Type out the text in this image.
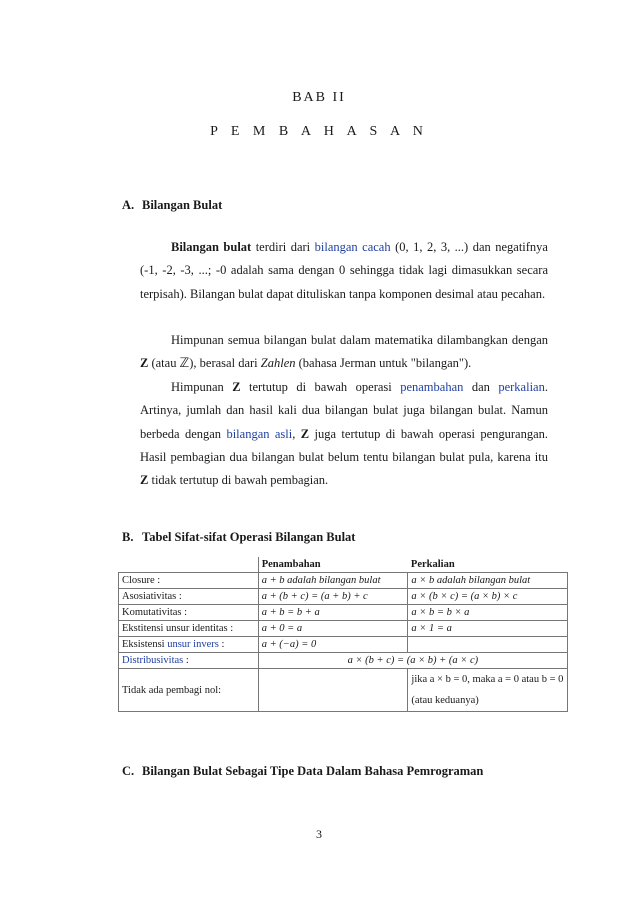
BAB II
P E M B A H A S A N
A. Bilangan Bulat

Bilangan bulat terdiri dari bilangan cacah (0, 1, 2, 3, ...) dan negatifnya (-1, -2, -3, ...; -0 adalah sama dengan 0 sehingga tidak lagi dimasukkan secara terpisah). Bilangan bulat dapat dituliskan tanpa komponen desimal atau pecahan.

Himpunan semua bilangan bulat dalam matematika dilambangkan dengan Z (atau ℤ), berasal dari Zahlen (bahasa Jerman untuk "bilangan").

Himpunan Z tertutup di bawah operasi penambahan dan perkalian. Artinya, jumlah dan hasil kali dua bilangan bulat juga bilangan bulat. Namun berbeda dengan bilangan asli, Z juga tertutup di bawah operasi pengurangan. Hasil pembagian dua bilangan bulat belum tentu bilangan bulat pula, karena itu Z tidak tertutup di bawah pembagian.

B. Tabel Sifat-sifat Operasi Bilangan Bulat
	Penambahan	Perkalian
Closure :	a + b adalah bilangan bulat	a × b adalah bilangan bulat
Asosiativitas :	a + (b + c) = (a + b) + c	a × (b × c) = (a × b) × c
Komutativitas :	a + b = b + a	a × b = b × a
Ekstitensi unsur identitas :	a + 0 = a	a × 1 = a
Eksistensi unsur invers :	a + (−a) = 0	
Distribusivitas :	a × (b + c) = (a × b) + (a × c)	
Tidak ada pembagi nol:		jika a × b = 0, maka a = 0 atau b = 0 (atau keduanya)
C. Bilangan Bulat Sebagai Tipe Data Dalam Bahasa Pemrograman
3
